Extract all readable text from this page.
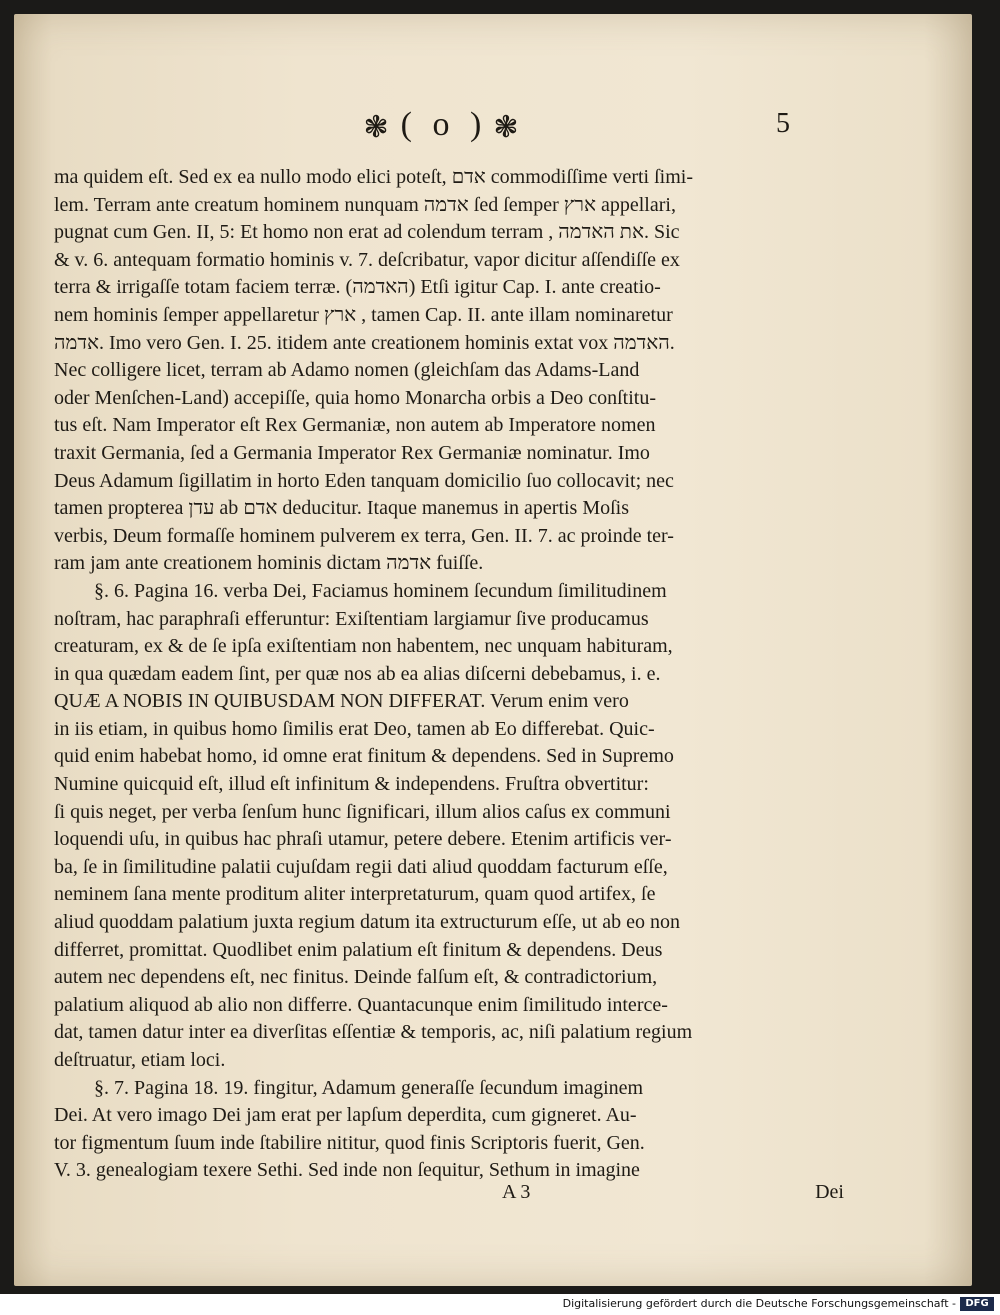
❃ ( o ) ❃	5
ma quidem eſt. Sed ex ea nullo modo elici poteſt, אדם commodiſſime verti ſimi-
lem. Terram ante creatum hominem nunquam אדמה ſed ſemper ארץ appellari,
pugnat cum Gen. II, 5: Et homo non erat ad colendum terram , את האדמה. Sic
& v. 6. antequam formatio hominis v. 7. deſcribatur, vapor dicitur aſſendiſſe ex
terra & irrigaſſe totam faciem terræ. (האדמה) Etſi igitur Cap. I. ante creatio-
nem hominis ſemper appellaretur ארץ , tamen Cap. II. ante illam nominaretur
אדמה. Imo vero Gen. I. 25. itidem ante creationem hominis extat vox האדמה.
Nec colligere licet, terram ab Adamo nomen (gleichſam das Adams-Land
oder Menſchen-Land) accepiſſe, quia homo Monarcha orbis a Deo conſtitu-
tus eſt. Nam Imperator eſt Rex Germaniæ, non autem ab Imperatore nomen
traxit Germania, ſed a Germania Imperator Rex Germaniæ nominatur. Imo
Deus Adamum ſigillatim in horto Eden tanquam domicilio ſuo collocavit; nec
tamen propterea עדן ab אדם deducitur. Itaque manemus in apertis Moſis
verbis, Deum formaſſe hominem pulverem ex terra, Gen. II. 7. ac proinde ter-
ram jam ante creationem hominis dictam אדמה fuiſſe.
§. 6. Pagina 16. verba Dei, Faciamus hominem ſecundum ſimilitudinem
noſtram, hac paraphraſi efferuntur: Exiſtentiam largiamur ſive producamus
creaturam, ex & de ſe ipſa exiſtentiam non habentem, nec unquam habituram,
in qua quædam eadem ſint, per quæ nos ab ea alias diſcerni debebamus, i. e.
QUÆ A NOBIS IN QUIBUSDAM NON DIFFERAT. Verum enim vero
in iis etiam, in quibus homo ſimilis erat Deo, tamen ab Eo differebat. Quic-
quid enim habebat homo, id omne erat finitum & dependens. Sed in Supremo
Numine quicquid eſt, illud eſt infinitum & independens. Fruſtra obvertitur:
ſi quis neget, per verba ſenſum hunc ſignificari, illum alios caſus ex communi
loquendi uſu, in quibus hac phraſi utamur, petere debere. Etenim artificis ver-
ba, ſe in ſimilitudine palatii cujuſdam regii dati aliud quoddam facturum eſſe,
neminem ſana mente proditum aliter interpretaturum, quam quod artifex, ſe
aliud quoddam palatium juxta regium datum ita extructurum eſſe, ut ab eo non
differret, promittat. Quodlibet enim palatium eſt finitum & dependens. Deus
autem nec dependens eſt, nec finitus. Deinde falſum eſt, & contradictorium,
palatium aliquod ab alio non differre. Quantacunque enim ſimilitudo interce-
dat, tamen datur inter ea diverſitas eſſentiæ & temporis, ac, niſi palatium regium
deſtruatur, etiam loci.
§. 7. Pagina 18. 19. fingitur, Adamum generaſſe ſecundum imaginem
Dei. At vero imago Dei jam erat per lapſum deperdita, cum gigneret. Au-
tor figmentum ſuum inde ſtabilire nititur, quod finis Scriptoris fuerit, Gen.
V. 3. genealogiam texere Sethi. Sed inde non ſequitur, Sethum in imagine
A 3	Dei
Digitalisierung gefördert durch die Deutsche Forschungsgemeinschaft - DFG
